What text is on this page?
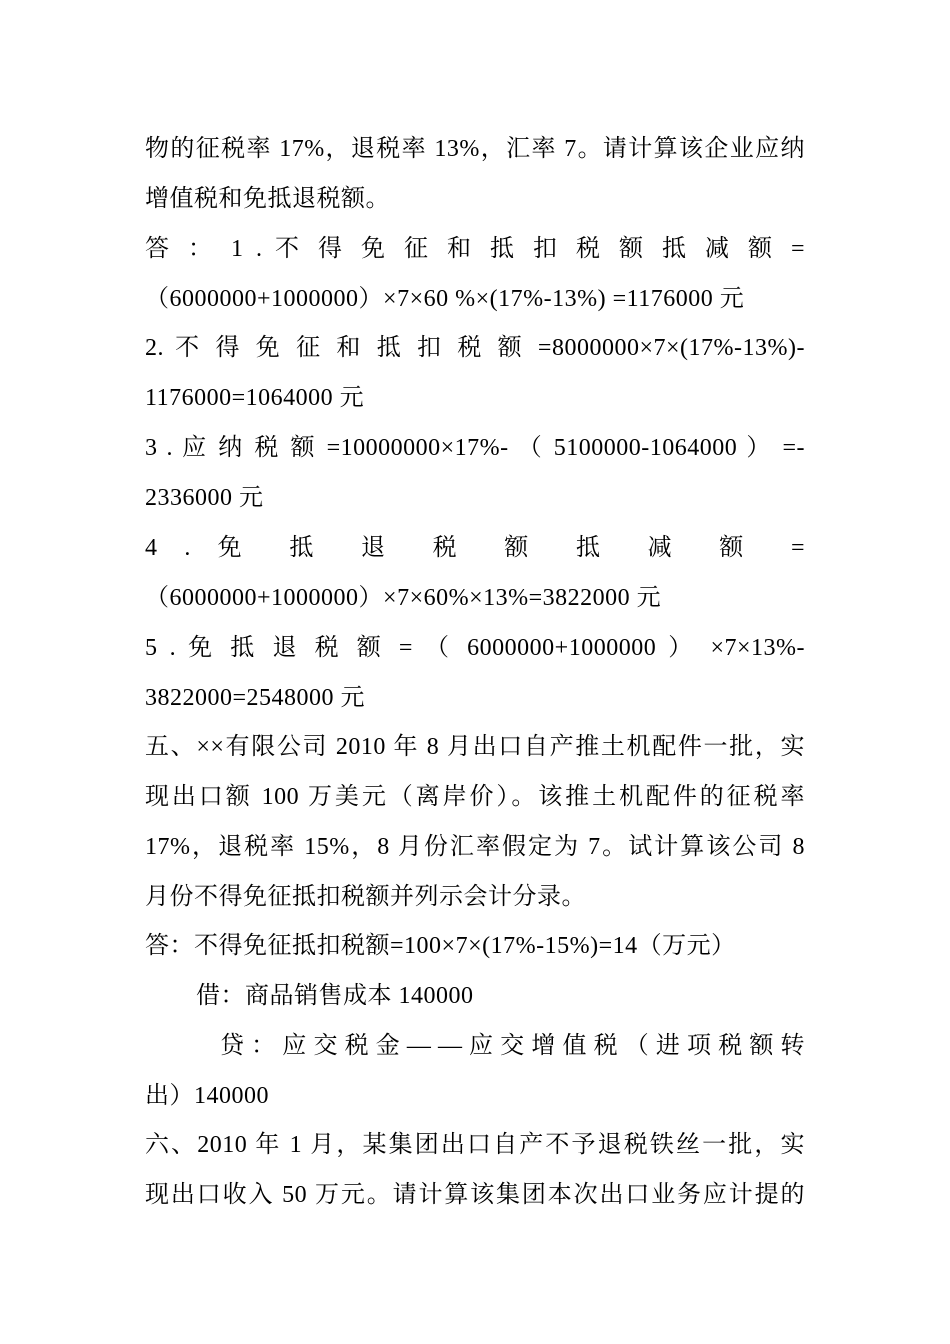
物的征税率 17%，退税率 13%，汇率 7。请计算该企业应纳
增值税和免抵退税额。
答 ： 1 . 不 得 免 征 和 抵 扣 税 额 抵 减 额 =
（6000000+1000000）×7×60 %×(17%-13%) =1176000 元
2. 不 得 免 征 和 抵 扣 税 额 =8000000×7×(17%-13%)-
1176000=1064000 元
3 . 应 纳 税 额 =10000000×17%- （ 5100000-1064000 ） =-
2336000 元
4 . 免 抵 退 税 额 抵 减 额 =
（6000000+1000000）×7×60%×13%=3822000 元
5 . 免 抵 退 税 额 = （ 6000000+1000000 ） ×7×13%-
3822000=2548000 元
五、××有限公司 2010 年 8 月出口自产推土机配件一批，实
现出口额 100 万美元（离岸价）。该推土机配件的征税率
17%，退税率 15%，8 月份汇率假定为 7。试计算该公司 8
月份不得免征抵扣税额并列示会计分录。
答：不得免征抵扣税额=100×7×(17%-15%)=14（万元）
借：商品销售成本 140000
贷 ： 应 交 税 金 — — 应 交 增 值 税 （ 进 项 税 额 转
出）140000
六、2010 年 1 月，某集团出口自产不予退税铁丝一批，实
现出口收入 50 万元。请计算该集团本次出口业务应计提的
